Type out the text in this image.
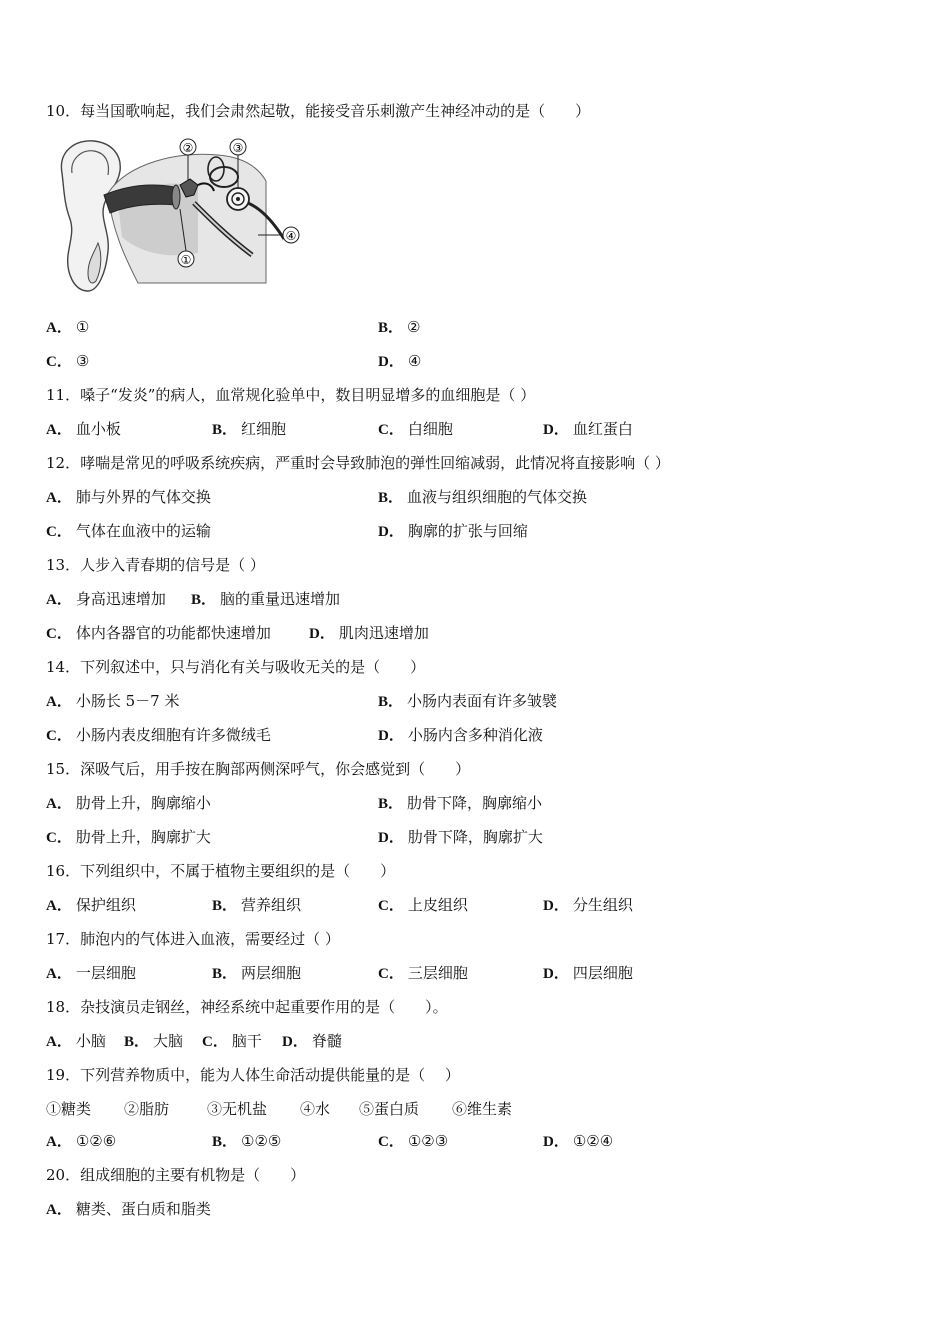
10．每当国歌响起，我们会肃然起敬，能接受音乐刺激产生神经冲动的是（　　）
①
②	③
④
A． ①	B． ②
C． ③	D． ④
11．嗓子“发炎”的病人，血常规化验单中，数目明显增多的血细胞是（ ）
A． 血小板	B． 红细胞	C． 白细胞	D． 血红蛋白
12．哮喘是常见的呼吸系统疾病，严重时会导致肺泡的弹性回缩减弱，此情况将直接影响（ ）
A． 肺与外界的气体交换	B． 血液与组织细胞的气体交换
C． 气体在血液中的运输	D． 胸廓的扩张与回缩
13．人步入青春期的信号是（ ）
A． 身高迅速增加 B． 脑的重量迅速增加
C． 体内各器官的功能都快速增加	D． 肌肉迅速增加
14．下列叙述中，只与消化有关与吸收无关的是（　　）
A． 小肠长 5－7 米	B． 小肠内表面有许多皱襞
C． 小肠内表皮细胞有许多微绒毛	D． 小肠内含多种消化液
15．深吸气后，用手按在胸部两侧深呼气，你会感觉到（　　）
A． 肋骨上升，胸廓缩小	B． 肋骨下降，胸廓缩小
C． 肋骨上升，胸廓扩大	D． 肋骨下降，胸廓扩大
16．下列组织中，不属于植物主要组织的是（　　）
A． 保护组织	B． 营养组织	C． 上皮组织	D． 分生组织
17．肺泡内的气体进入血液，需要经过（ ）
A． 一层细胞	B． 两层细胞	C． 三层细胞	D． 四层细胞
18．杂技演员走钢丝，神经系统中起重要作用的是（　　）。
A． 小脑 B． 大脑 C． 脑干 D． 脊髓
19．下列营养物质中，能为人体生命活动提供能量的是（　 ）
①糖类 ②脂肪	③无机盐 ④水 ⑤蛋白质 ⑥维生素
A． ①②⑥	B． ①②⑤	C． ①②③	D． ①②④
20．组成细胞的主要有机物是（　　）
A． 糖类、蛋白质和脂类
